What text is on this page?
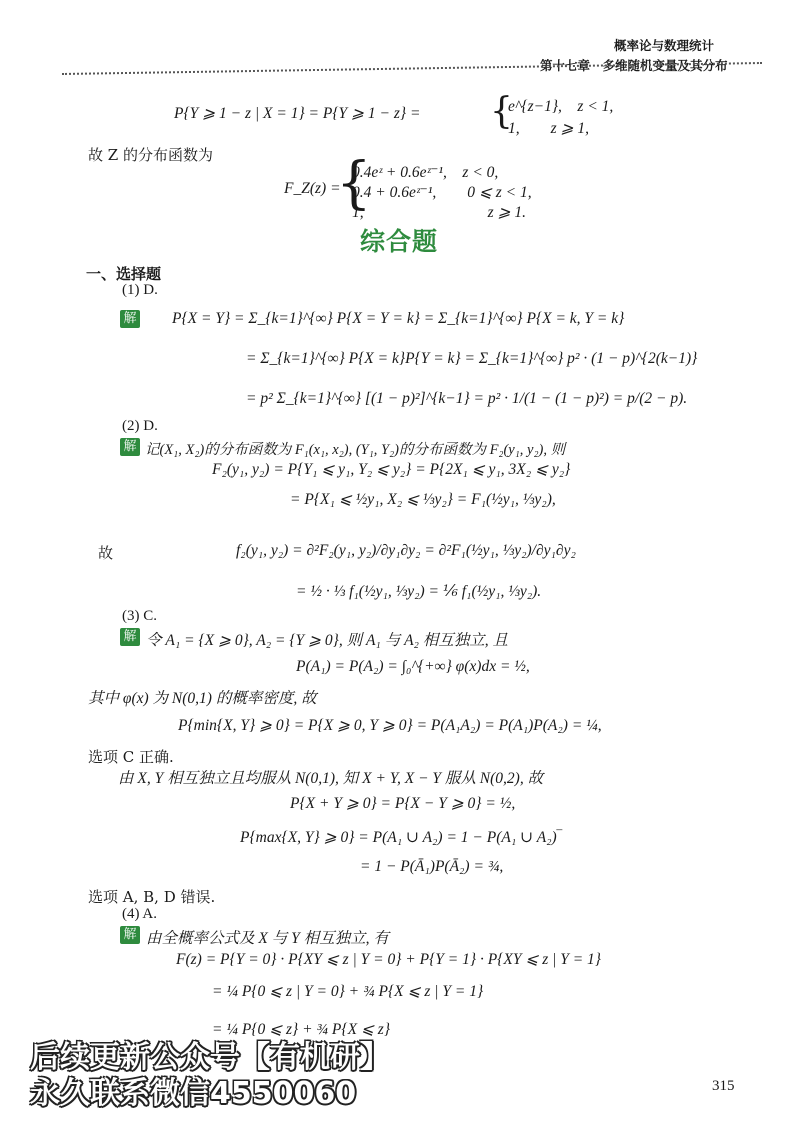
概率论与数理统计
第十七章　多维随机变量及其分布
P{Y ⩾ 1 − z | X = 1} = P{Y ⩾ 1 − z} = {
e^{z−1},　z < 1,
1,　　z ⩾ 1,
故 Z 的分布函数为
F_Z(z) =
{
0.4eᶻ + 0.6eᶻ⁻¹,　z < 0,
0.4 + 0.6eᶻ⁻¹,　　0 ⩽ z < 1,
1,　　　　　　　　z ⩾ 1.
综合题
一、选择题
(1) D.
解 P{X = Y} = Σ_{k=1}^{∞} P{X = Y = k} = Σ_{k=1}^{∞} P{X = k, Y = k}
= Σ_{k=1}^{∞} P{X = k}P{Y = k} = Σ_{k=1}^{∞} p² · (1 − p)^{2(k−1)}
= p² Σ_{k=1}^{∞} [(1 − p)²]^{k−1} = p² · 1/(1 − (1 − p)²) = p/(2 − p).
(2) D.
解 记(X₁, X₂)的分布函数为 F₁(x₁, x₂), (Y₁, Y₂)的分布函数为 F₂(y₁, y₂), 则
F₂(y₁, y₂) = P{Y₁ ⩽ y₁, Y₂ ⩽ y₂} = P{2X₁ ⩽ y₁, 3X₂ ⩽ y₂}
= P{X₁ ⩽ ½y₁, X₂ ⩽ ⅓y₂} = F₁(½y₁, ⅓y₂),
故	f₂(y₁, y₂) = ∂²F₂(y₁, y₂)/∂y₁∂y₂ = ∂²F₁(½y₁, ⅓y₂)/∂y₁∂y₂
= ½ · ⅓ f₁(½y₁, ⅓y₂) = ⅙ f₁(½y₁, ⅓y₂).
(3) C.
解 令 A₁ = {X ⩾ 0}, A₂ = {Y ⩾ 0}, 则 A₁ 与 A₂ 相互独立, 且
P(A₁) = P(A₂) = ∫₀^{+∞} φ(x)dx = ½,
其中 φ(x) 为 N(0,1) 的概率密度, 故
P{min{X, Y} ⩾ 0} = P{X ⩾ 0, Y ⩾ 0} = P(A₁A₂) = P(A₁)P(A₂) = ¼,
选项 C 正确.
由 X, Y 相互独立且均服从 N(0,1), 知 X + Y, X − Y 服从 N(0,2), 故
P{X + Y ⩾ 0} = P{X − Y ⩾ 0} = ½,
P{max{X, Y} ⩾ 0} = P(A₁ ∪ A₂) = 1 − P(A₁ ∪ A₂)‾
= 1 − P(Ā₁)P(Ā₂) = ¾,
选项 A, B, D 错误.
(4) A.
解 由全概率公式及 X 与 Y 相互独立, 有
F(z) = P{Y = 0} · P{XY ⩽ z | Y = 0} + P{Y = 1} · P{XY ⩽ z | Y = 1}
= ¼ P{0 ⩽ z | Y = 0} + ¾ P{X ⩽ z | Y = 1}
= ¼ P{0 ⩽ z} + ¾ P{X ⩽ z}
后续更新公众号【有机研】
永久联系微信4550060	315
